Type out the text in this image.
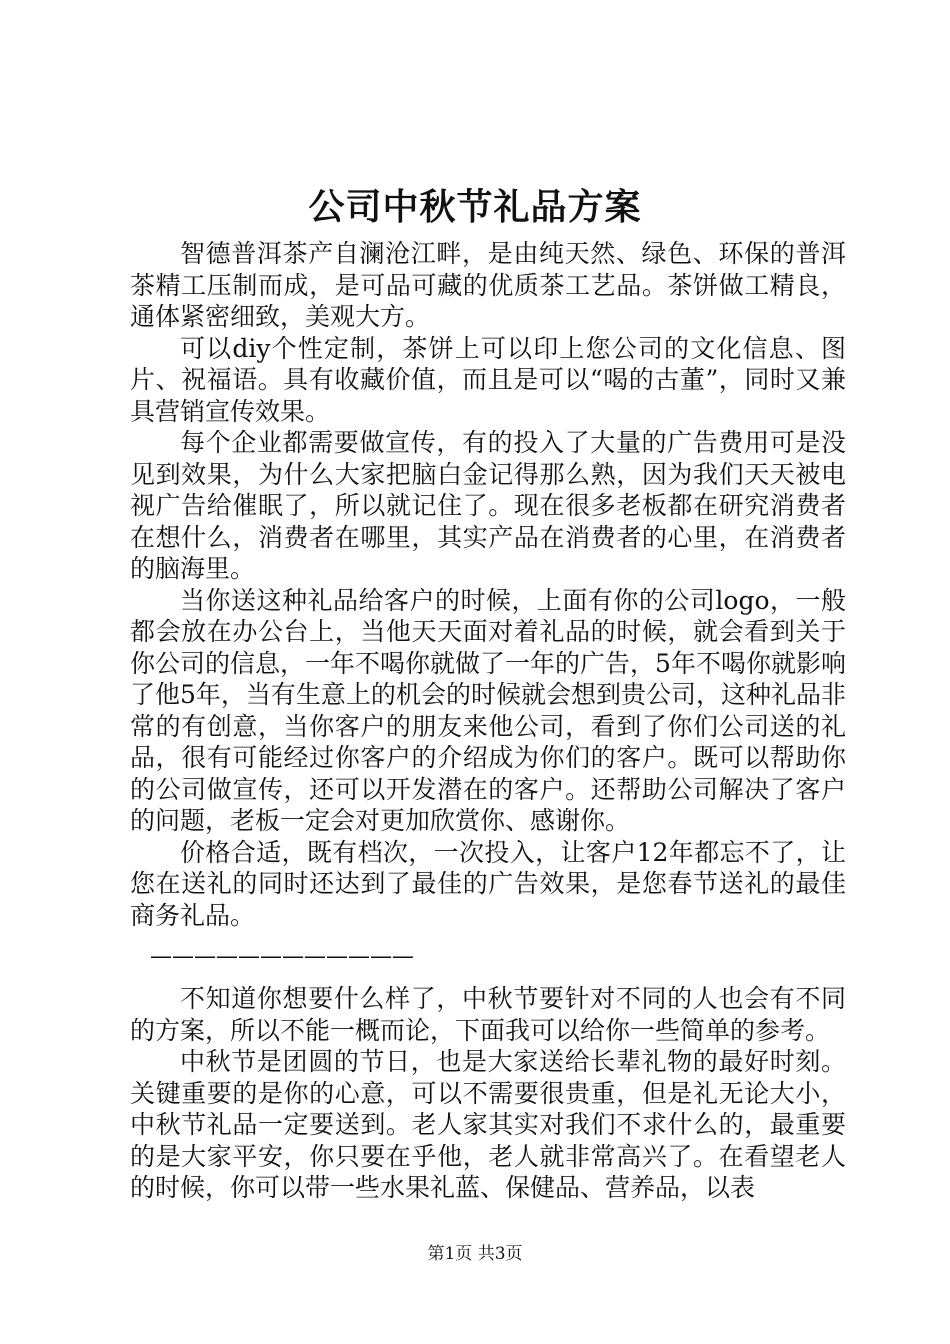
公司中秋节礼品方案

智德普洱茶产自澜沧江畔，是由纯天然、绿色、环保的普洱茶精工压制而成，是可品可藏的优质茶工艺品。茶饼做工精良，通体紧密细致，美观大方。

可以diy个性定制，茶饼上可以印上您公司的文化信息、图片、祝福语。具有收藏价值，而且是可以“喝的古董”，同时又兼具营销宣传效果。

每个企业都需要做宣传，有的投入了大量的广告费用可是没见到效果，为什么大家把脑白金记得那么熟，因为我们天天被电视广告给催眠了，所以就记住了。现在很多老板都在研究消费者在想什么，消费者在哪里，其实产品在消费者的心里，在消费者的脑海里。

当你送这种礼品给客户的时候，上面有你的公司logo，一般都会放在办公台上，当他天天面对着礼品的时候，就会看到关于你公司的信息，一年不喝你就做了一年的广告，5年不喝你就影响了他5年，当有生意上的机会的时候就会想到贵公司，这种礼品非常的有创意，当你客户的朋友来他公司，看到了你们公司送的礼品，很有可能经过你客户的介绍成为你们的客户。既可以帮助你的公司做宣传，还可以开发潜在的客户。还帮助公司解决了客户的问题，老板一定会对更加欣赏你、感谢你。

价格合适，既有档次，一次投入，让客户12年都忘不了，让您在送礼的同时还达到了最佳的广告效果，是您春节送礼的最佳商务礼品。

————————————

不知道你想要什么样了，中秋节要针对不同的人也会有不同的方案，所以不能一概而论，下面我可以给你一些简单的参考。

中秋节是团圆的节日，也是大家送给长辈礼物的最好时刻。关键重要的是你的心意，可以不需要很贵重，但是礼无论大小，中秋节礼品一定要送到。老人家其实对我们不求什么的，最重要的是大家平安，你只要在乎他，老人就非常高兴了。在看望老人的时候，你可以带一些水果礼蓝、保健品、营养品，以表

第1页 共3页
